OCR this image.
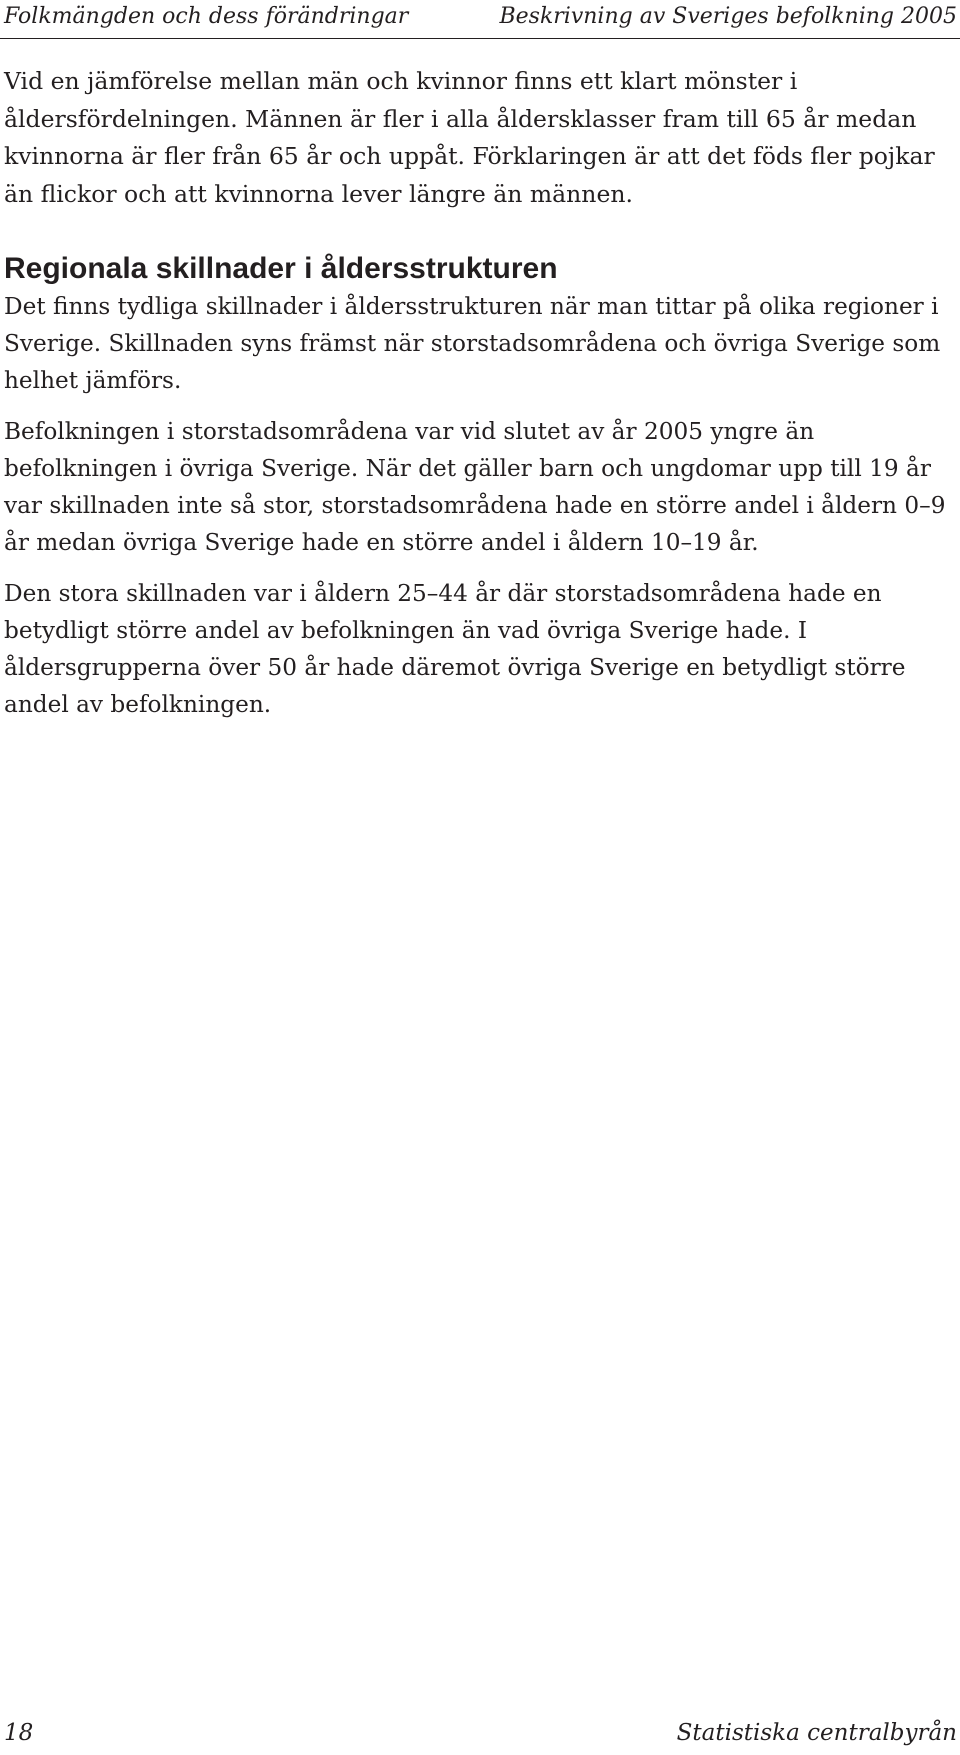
Folkmängden och dess förändringar	Beskrivning av Sveriges befolkning 2005

Vid en jämförelse mellan män och kvinnor finns ett klart mönster i åldersfördelningen. Männen är fler i alla åldersklasser fram till 65 år medan kvinnorna är fler från 65 år och uppåt. Förklaringen är att det föds fler pojkar än flickor och att kvinnorna lever längre än männen.

Regionala skillnader i åldersstrukturen

Det finns tydliga skillnader i åldersstrukturen när man tittar på olika regioner i Sverige. Skillnaden syns främst när storstadsområdena och övriga Sverige som helhet jämförs.

Befolkningen i storstadsområdena var vid slutet av år 2005 yngre än befolkningen i övriga Sverige. När det gäller barn och ungdomar upp till 19 år var skillnaden inte så stor, storstadsområdena hade en större andel i åldern 0–9 år medan övriga Sverige hade en större andel i åldern 10–19 år.

Den stora skillnaden var i åldern 25–44 år där storstadsområdena hade en betydligt större andel av befolkningen än vad övriga Sverige hade. I åldersgrupperna över 50 år hade däremot övriga Sverige en betydligt större andel av befolkningen.

18	Statistiska centralbyrån
